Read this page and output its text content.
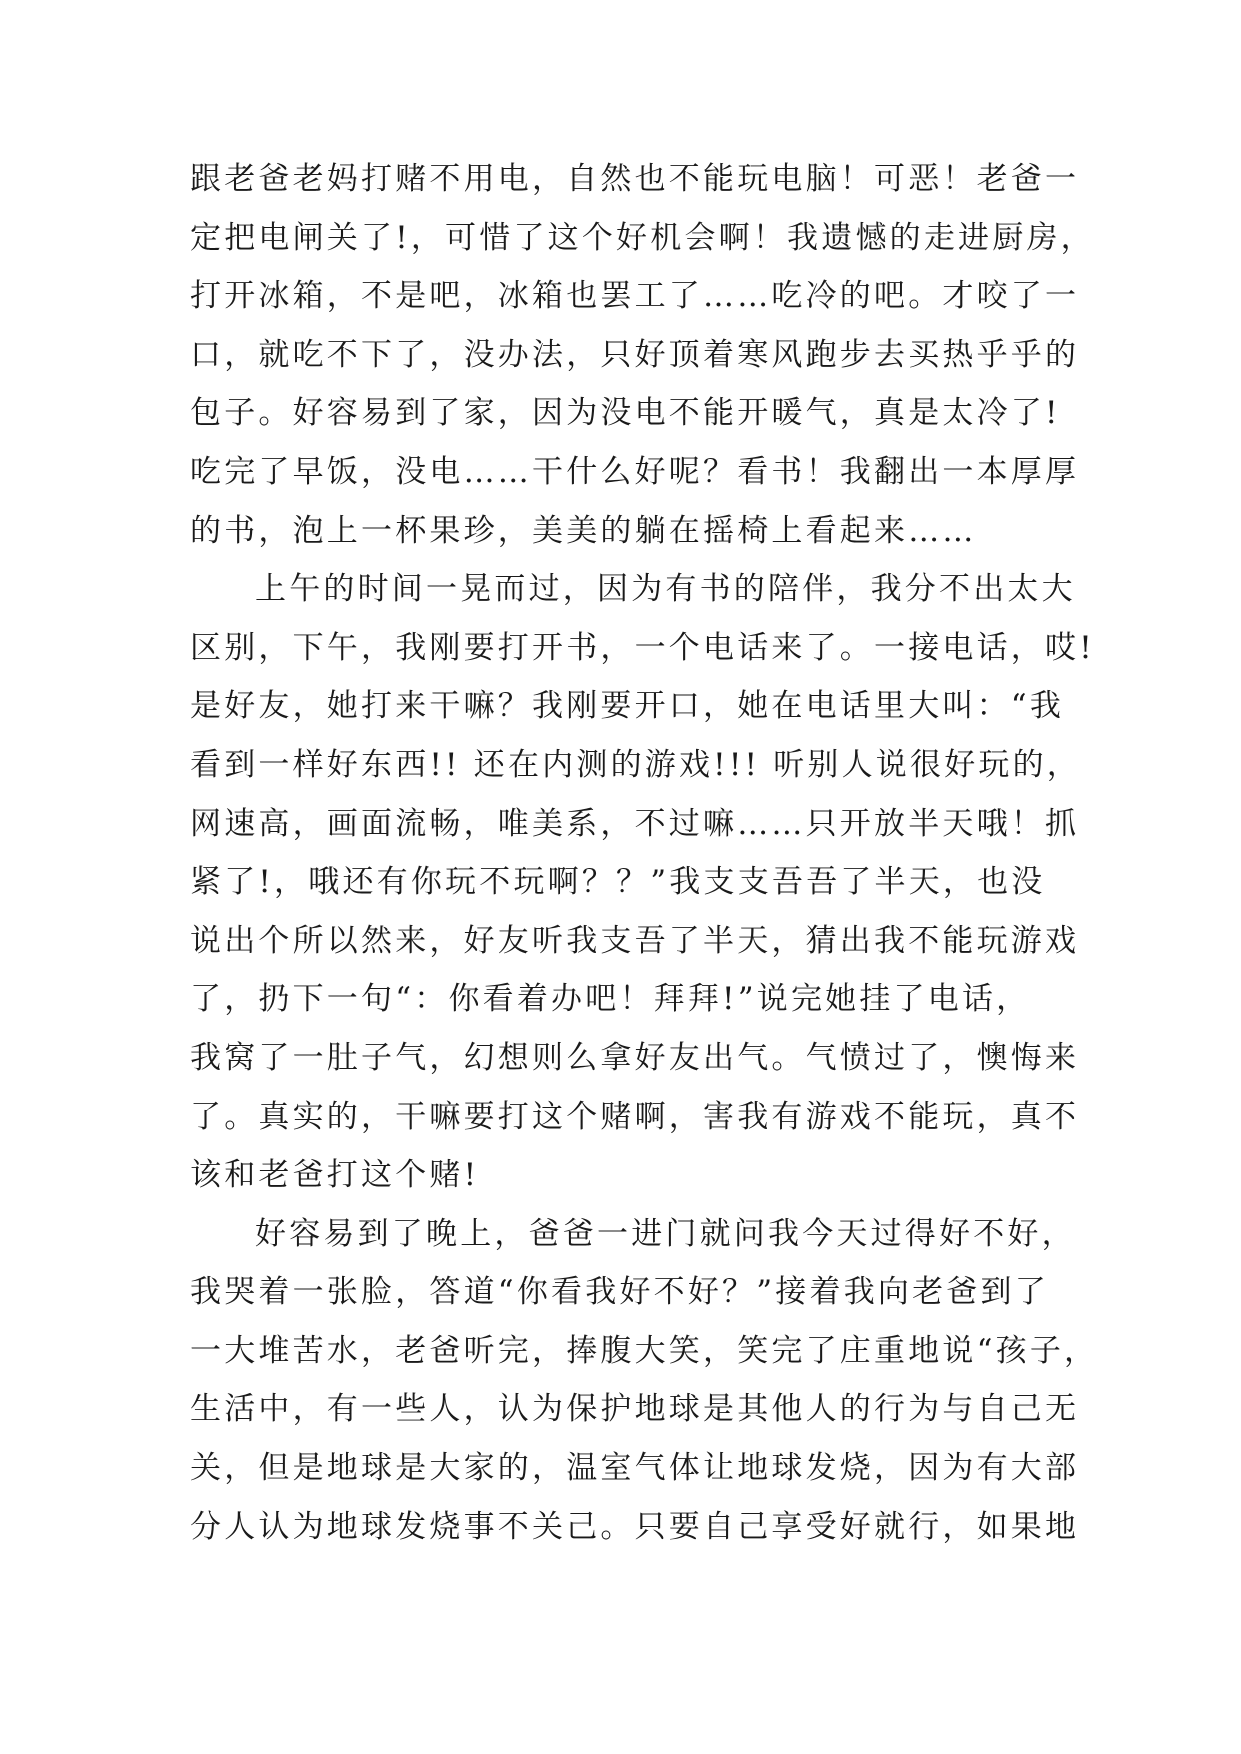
跟老爸老妈打赌不用电，自然也不能玩电脑！可恶！老爸一
定把电闸关了!，可惜了这个好机会啊！我遗憾的走进厨房，
打开冰箱，不是吧，冰箱也罢工了……吃冷的吧。才咬了一
口，就吃不下了，没办法，只好顶着寒风跑步去买热乎乎的
包子。好容易到了家，因为没电不能开暖气，真是太冷了!
吃完了早饭，没电……干什么好呢？看书！我翻出一本厚厚
的书，泡上一杯果珍，美美的躺在摇椅上看起来……
上午的时间一晃而过，因为有书的陪伴，我分不出太大
区别，下午，我刚要打开书，一个电话来了。一接电话，哎!
是好友，她打来干嘛？我刚要开口，她在电话里大叫：“我
看到一样好东西!! 还在内测的游戏!!! 听别人说很好玩的，
网速高，画面流畅，唯美系，不过嘛……只开放半天哦！抓
紧了!，哦还有你玩不玩啊？？”我支支吾吾了半天，也没
说出个所以然来，好友听我支吾了半天，猜出我不能玩游戏
了，扔下一句“：你看着办吧！拜拜!”说完她挂了电话，
我窝了一肚子气，幻想则么拿好友出气。气愤过了，懊悔来
了。真实的，干嘛要打这个赌啊，害我有游戏不能玩，真不
该和老爸打这个赌!
好容易到了晚上，爸爸一进门就问我今天过得好不好，
我哭着一张脸，答道“你看我好不好？”接着我向老爸到了
一大堆苦水，老爸听完，捧腹大笑，笑完了庄重地说“孩子，
生活中，有一些人，认为保护地球是其他人的行为与自己无
关，但是地球是大家的，温室气体让地球发烧，因为有大部
分人认为地球发烧事不关己。只要自己享受好就行，如果地
